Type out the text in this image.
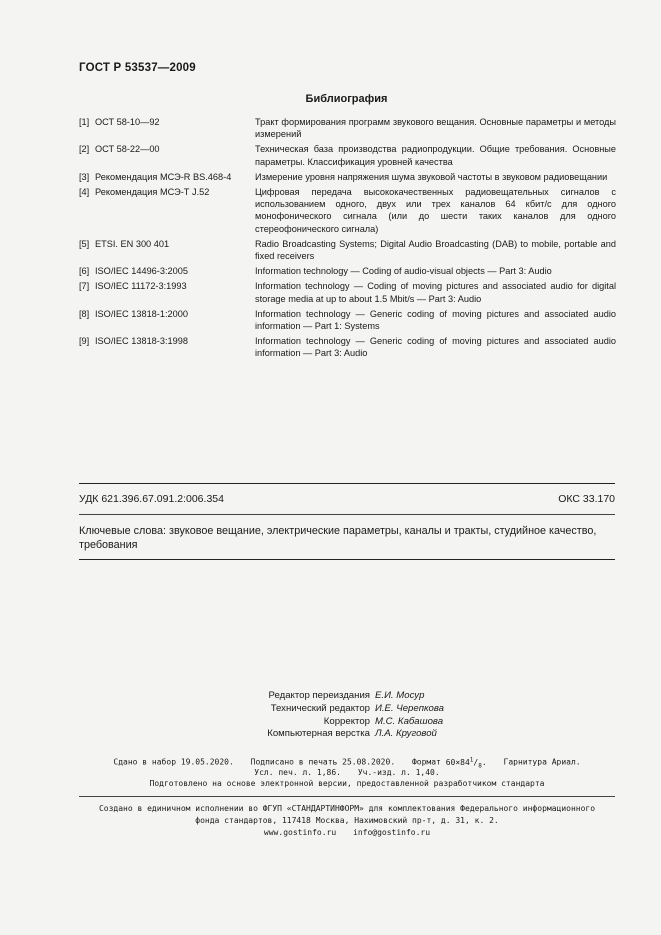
ГОСТ Р 53537—2009
Библиография
[1] ОСТ 58-10—92	Тракт формирования программ звукового вещания. Основные параметры и методы измерений
[2] ОСТ 58-22—00	Техническая база производства радиопродукции. Общие требования. Основные параметры. Классификация уровней качества
[3] Рекомендация МСЭ-R BS.468-4	Измерение уровня напряжения шума звуковой частоты в звуковом радиовещании
[4] Рекомендация МСЭ-Т J.52	Цифровая передача высококачественных радиовещательных сигналов с использованием одного, двух или трех каналов 64 кбит/с для одного монофонического сигнала (или до шести таких каналов для одного стереофонического сигнала)
[5] ETSI. EN 300 401	Radio Broadcasting Systems; Digital Audio Broadcasting (DAB) to mobile, portable and fixed receivers
[6] ISO/IEC 14496-3:2005	Information technology — Coding of audio-visual objects — Part 3: Audio
[7] ISO/IEC 11172-3:1993	Information technology — Coding of moving pictures and associated audio for digital storage media at up to about 1.5 Mbit/s — Part 3: Audio
[8] ISO/IEC 13818-1:2000	Information technology — Generic coding of moving pictures and associated audio information — Part 1: Systems
[9] ISO/IEC 13818-3:1998	Information technology — Generic coding of moving pictures and associated audio information — Part 3: Audio
УДК 621.396.67.091.2:006.354	ОКС 33.170
Ключевые слова: звуковое вещание, электрические параметры, каналы и тракты, студийное качество, требования
Редактор переиздания Е.И. Мосур
Технический редактор И.Е. Черепкова
Корректор М.С. Кабашова
Компьютерная верстка Л.А. Круговой
Сдано в набор 19.05.2020. Подписано в печать 25.08.2020. Формат $60\times 84^1/_8$. Гарнитура Ариал.
Усл. печ. л. 1,86. Уч.-изд. л. 1,40.
Подготовлено на основе электронной версии, предоставленной разработчиком стандарта
Создано в единичном исполнении во ФГУП «СТАНДАРТИНФОРМ» для комплектования Федерального информационного
фонда стандартов, 117418 Москва, Нахимовский пр-т, д. 31, к. 2.
www.gostinfo.ru info@gostinfo.ru
